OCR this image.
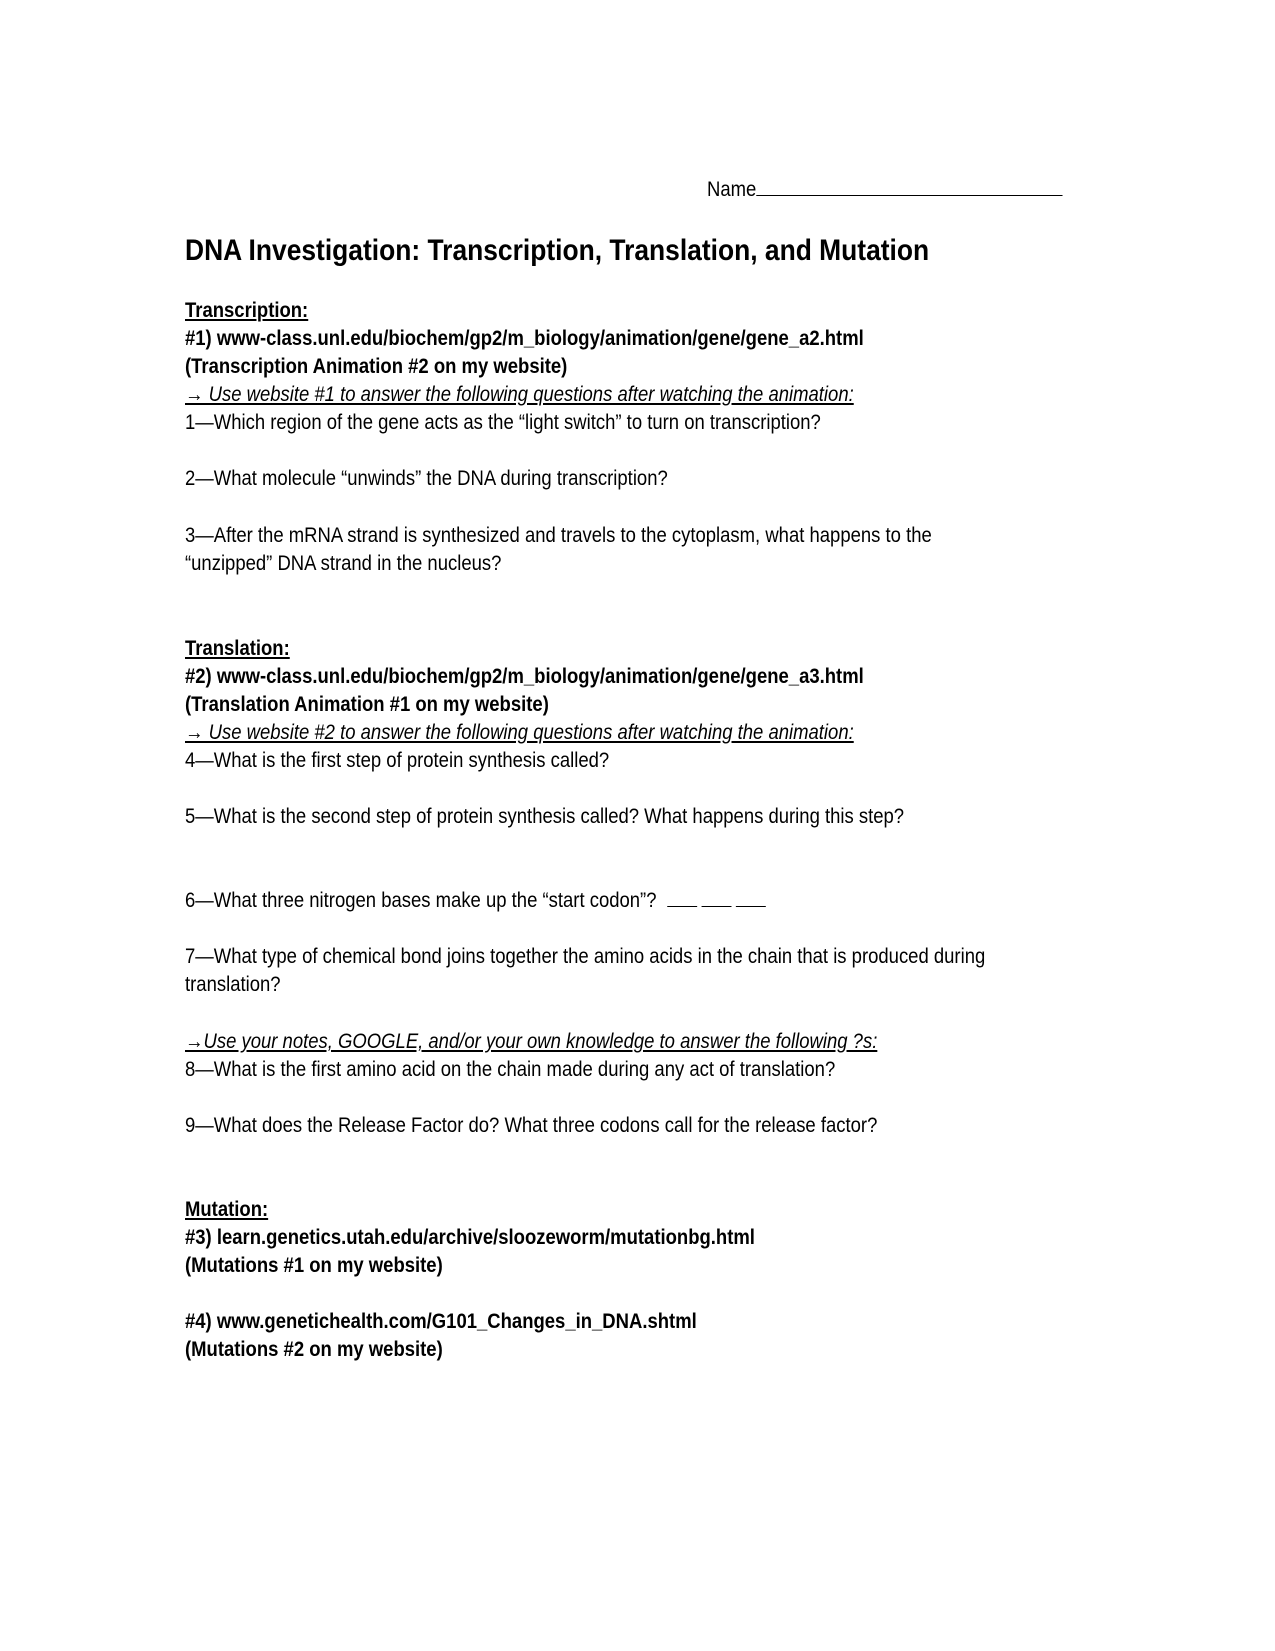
Name
DNA Investigation: Transcription, Translation, and Mutation
Transcription:
#1) www-class.unl.edu/biochem/gp2/m_biology/animation/gene/gene_a2.html
(Transcription Animation #2 on my website)
→ Use website #1 to answer the following questions after watching the animation:
1—Which region of the gene acts as the “light switch” to turn on transcription?
2—What molecule “unwinds” the DNA during transcription?
3—After the mRNA strand is synthesized and travels to the cytoplasm, what happens to the
“unzipped” DNA strand in the nucleus?
Translation:
#2) www-class.unl.edu/biochem/gp2/m_biology/animation/gene/gene_a3.html
(Translation Animation #1 on my website)
→ Use website #2 to answer the following questions after watching the animation:
4—What is the first step of protein synthesis called?
5—What is the second step of protein synthesis called? What happens during this step?
6—What three nitrogen bases make up the “start codon”?
7—What type of chemical bond joins together the amino acids in the chain that is produced during
translation?
→Use your notes, GOOGLE, and/or your own knowledge to answer the following ?s:
8—What is the first amino acid on the chain made during any act of translation?
9—What does the Release Factor do? What three codons call for the release factor?
Mutation:
#3) learn.genetics.utah.edu/archive/sloozeworm/mutationbg.html
(Mutations #1 on my website)
#4) www.genetichealth.com/G101_Changes_in_DNA.shtml
(Mutations #2 on my website)
